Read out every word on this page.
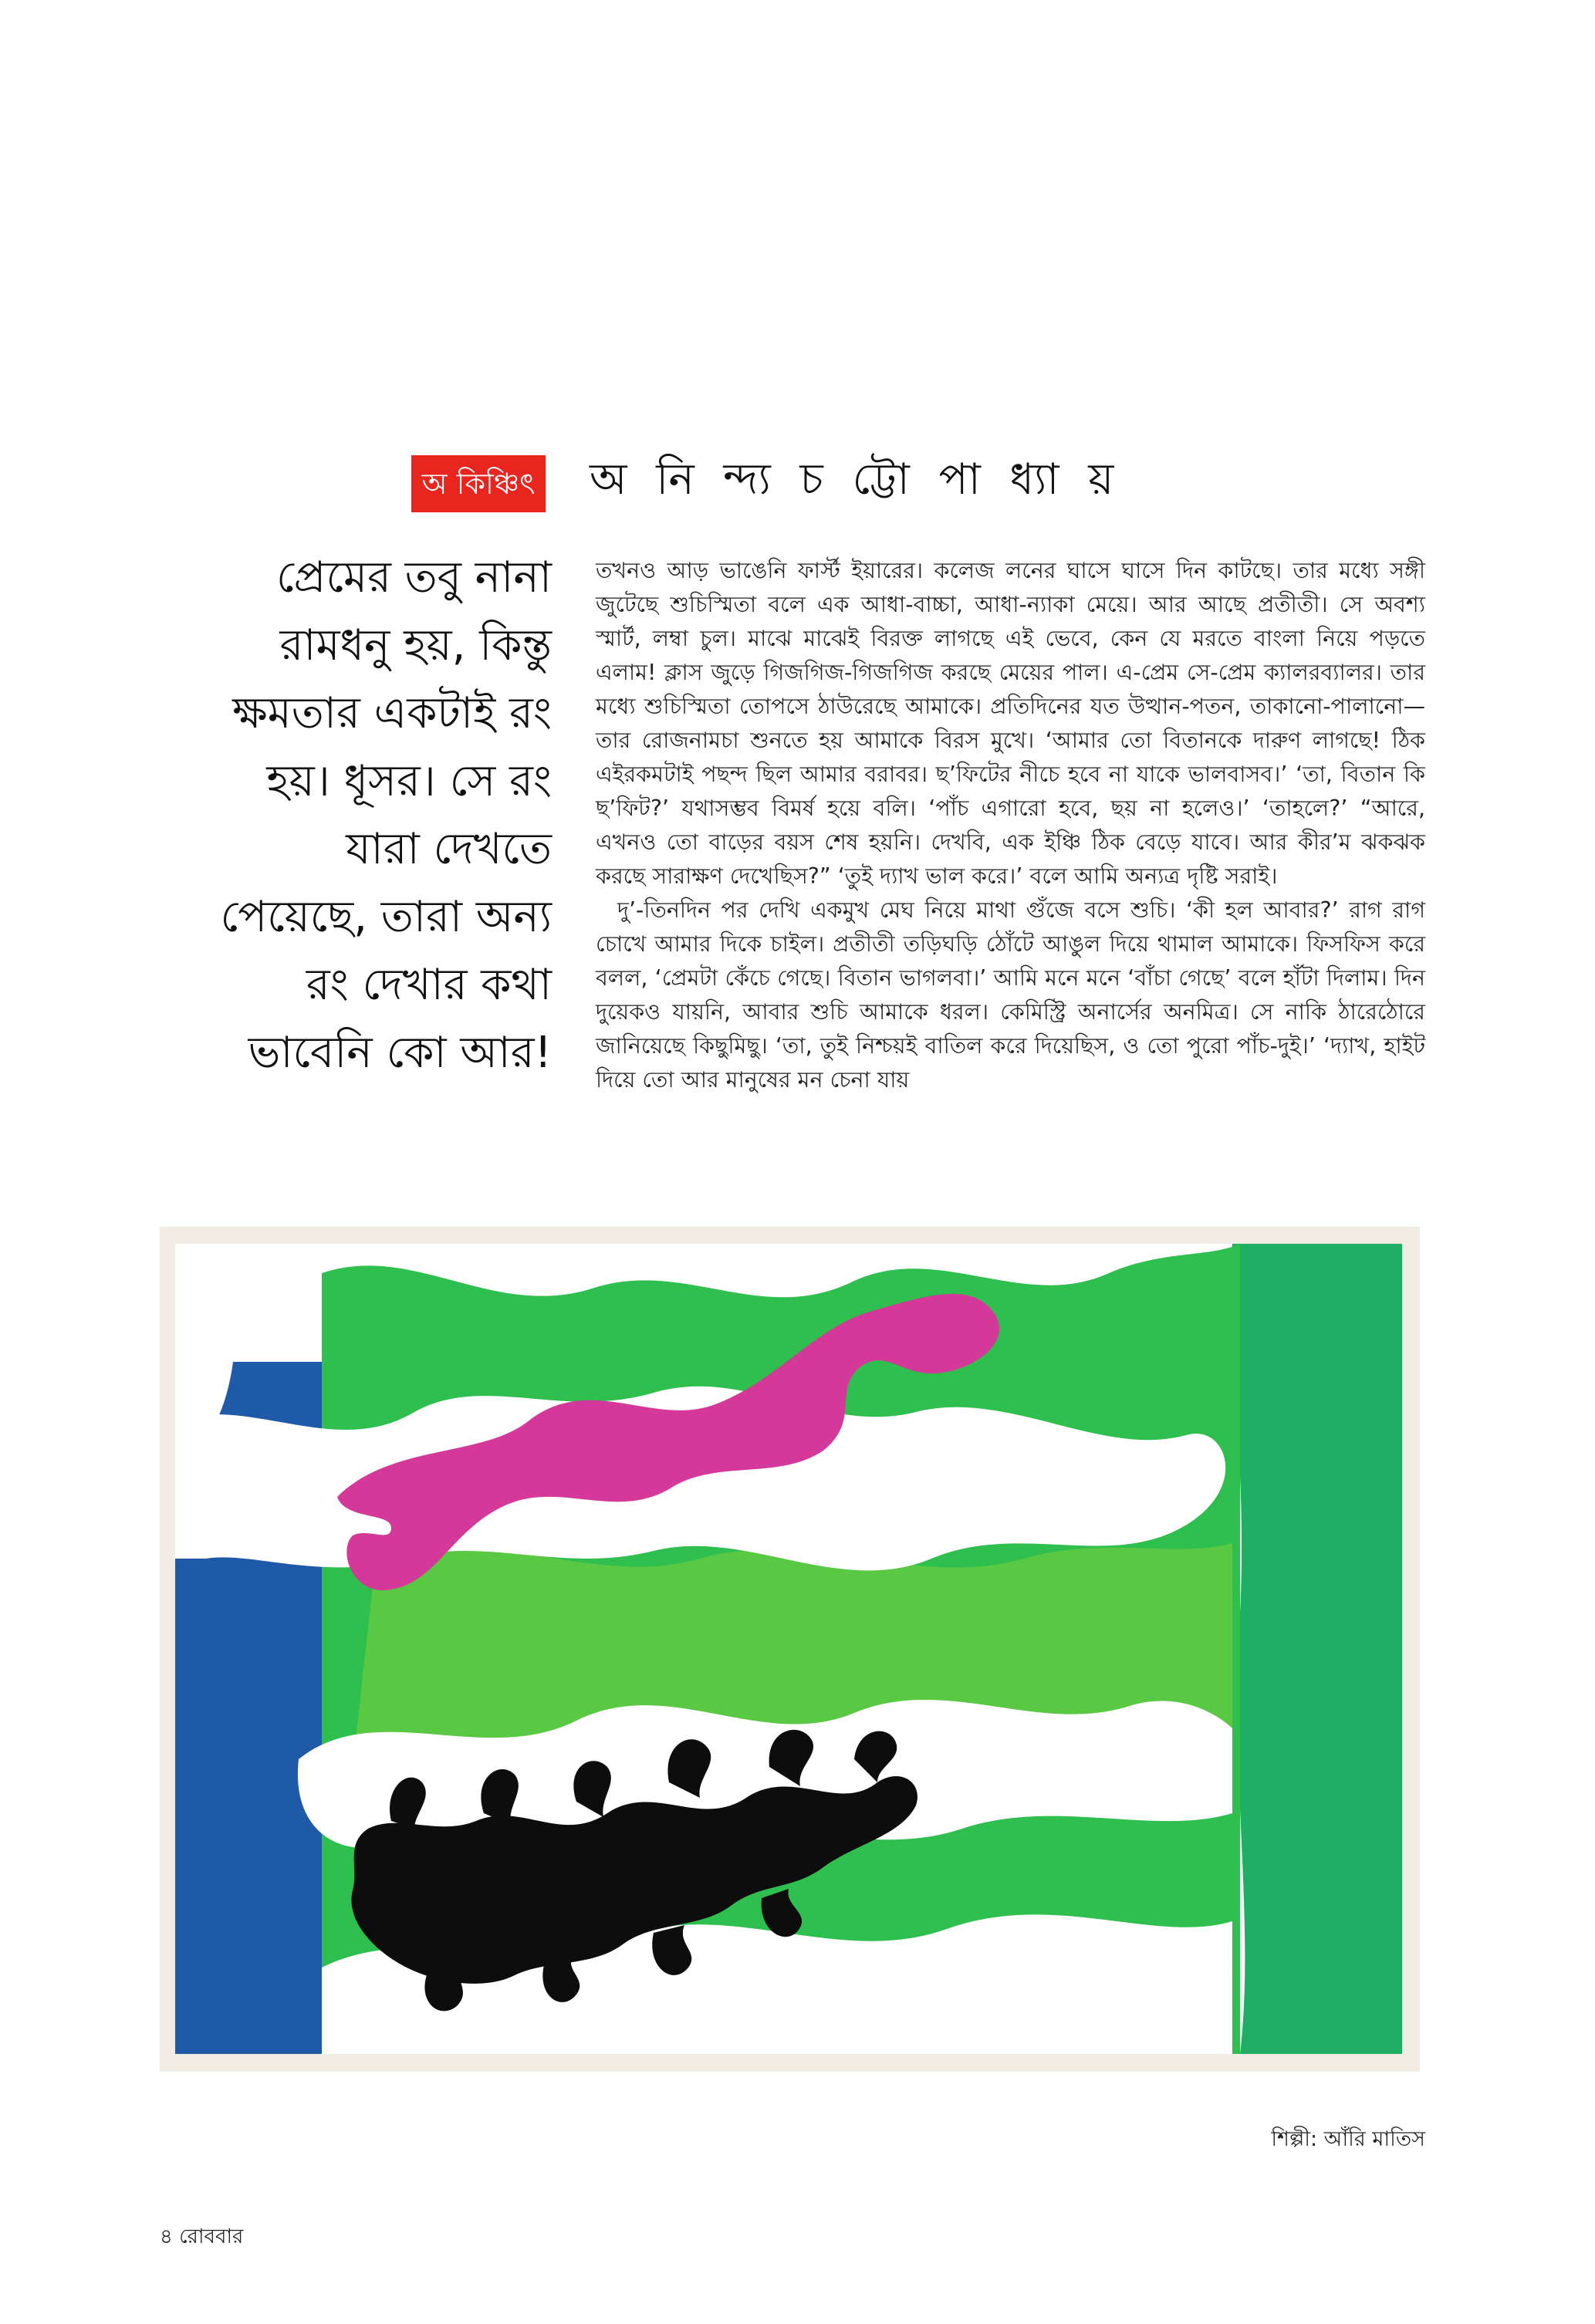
অ কিঞ্চিৎ অ নি ন্দ্য চ ট্টো পা ধ্যা য়
প্রেমের তবু নানা রামধনু হয়, কিন্তু ক্ষমতার একটাই রং হয়। ধূসর। সে রং যারা দেখতে পেয়েছে, তারা অন্য রং দেখার কথা ভাবেনি কো আর!

তখনও আড় ভাঙেনি ফার্স্ট ইয়ারের। কলেজ লনের ঘাসে ঘাসে দিন কাটছে। তার মধ্যে সঙ্গী জুটেছে শুচিস্মিতা বলে এক আধা-বাচ্চা, আধা-ন্যাকা মেয়ে। আর আছে প্রতীতী। সে অবশ্য স্মার্ট, লম্বা চুল। মাঝে মাঝেই বিরক্ত লাগছে এই ভেবে, কেন যে মরতে বাংলা নিয়ে পড়তে এলাম! ক্লাস জুড়ে গিজগিজ-গিজগিজ করছে মেয়ের পাল। এ-প্রেম সে-প্রেম ক্যালরব্যালর। তার মধ্যে শুচিস্মিতা তোপসে ঠাউরেছে আমাকে। প্রতিদিনের যত উত্থান-পতন, তাকানো-পালানো—তার রোজনামচা শুনতে হয় আমাকে বিরস মুখে। ‘আমার তো বিতানকে দারুণ লাগছে! ঠিক এইরকমটাই পছন্দ ছিল আমার বরাবর। ছ’ফিটের নীচে হবে না যাকে ভালবাসব।’ ‘তা, বিতান কি ছ’ফিট?’ যথাসম্ভব বিমর্ষ হয়ে বলি। ‘পাঁচ এগারো হবে, ছয় না হলেও।’ ‘তাহলে?’ “আরে, এখনও তো বাড়ের বয়স শেষ হয়নি। দেখবি, এক ইঞ্চি ঠিক বেড়ে যাবে। আর কীর’ম ঝকঝক করছে সারাক্ষণ দেখেছিস?” ‘তুই দ্যাখ ভাল করে।’ বলে আমি অন্যত্র দৃষ্টি সরাই।

দু’-তিনদিন পর দেখি একমুখ মেঘ নিয়ে মাথা গুঁজে বসে শুচি। ‘কী হল আবার?’ রাগ রাগ চোখে আমার দিকে চাইল। প্রতীতী তড়িঘড়ি ঠোঁটে আঙুল দিয়ে থামাল আমাকে। ফিসফিস করে বলল, ‘প্রেমটা কেঁচে গেছে। বিতান ভাগলবা।’ আমি মনে মনে ‘বাঁচা গেছে’ বলে হাঁটা দিলাম। দিন দুয়েকও যায়নি, আবার শুচি আমাকে ধরল। কেমিস্ট্রি অনার্সের অনমিত্র। সে নাকি ঠারেঠোরে জানিয়েছে কিছুমিছু। ‘তা, তুই নিশ্চয়ই বাতিল করে দিয়েছিস, ও তো পুরো পাঁচ-দুই।’ ‘দ্যাখ, হাইট দিয়ে তো আর মানুষের মন চেনা যায়

শিল্পী: আঁরি মাতিস
৪ রোববার
